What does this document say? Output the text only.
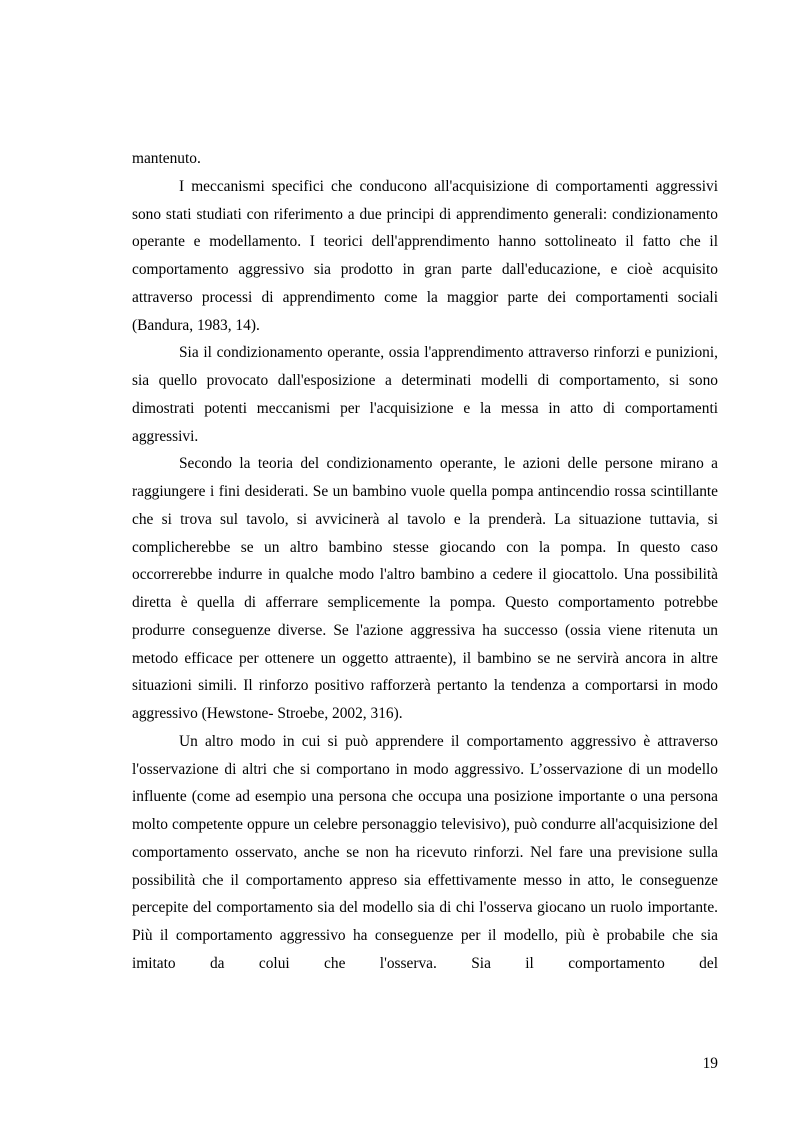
mantenuto.

I meccanismi specifici che conducono all'acquisizione di comportamenti aggressivi sono stati studiati con riferimento a due principi di apprendimento generali: condizionamento operante e modellamento. I teorici dell'apprendimento hanno sottolineato il fatto che il comportamento aggressivo sia prodotto in gran parte dall'educazione, e cioè acquisito attraverso processi di apprendimento come la maggior parte dei comportamenti sociali (Bandura, 1983, 14).

Sia il condizionamento operante, ossia l'apprendimento attraverso rinforzi e punizioni, sia quello provocato dall'esposizione a determinati modelli di comportamento, si sono dimostrati potenti meccanismi per l'acquisizione e la messa in atto di comportamenti aggressivi.

Secondo la teoria del condizionamento operante, le azioni delle persone mirano a raggiungere i fini desiderati. Se un bambino vuole quella pompa antincendio rossa scintillante che si trova sul tavolo, si avvicinerà al tavolo e la prenderà. La situazione tuttavia, si complicherebbe se un altro bambino stesse giocando con la pompa. In questo caso occorrerebbe indurre in qualche modo l'altro bambino a cedere il giocattolo. Una possibilità diretta è quella di afferrare semplicemente la pompa. Questo comportamento potrebbe produrre conseguenze diverse. Se l'azione aggressiva ha successo (ossia viene ritenuta un metodo efficace per ottenere un oggetto attraente), il bambino se ne servirà ancora in altre situazioni simili. Il rinforzo positivo rafforzerà pertanto la tendenza a comportarsi in modo aggressivo (Hewstone- Stroebe, 2002, 316).

Un altro modo in cui si può apprendere il comportamento aggressivo è attraverso l'osservazione di altri che si comportano in modo aggressivo. L’osservazione di un modello influente (come ad esempio una persona che occupa una posizione importante o una persona molto competente oppure un celebre personaggio televisivo), può condurre all'acquisizione del comportamento osservato, anche se non ha ricevuto rinforzi. Nel fare una previsione sulla possibilità che il comportamento appreso sia effettivamente messo in atto, le conseguenze percepite del comportamento sia del modello sia di chi l'osserva giocano un ruolo importante. Più il comportamento aggressivo ha conseguenze per il modello, più è probabile che sia imitato da colui che l'osserva. Sia il comportamento del

19
